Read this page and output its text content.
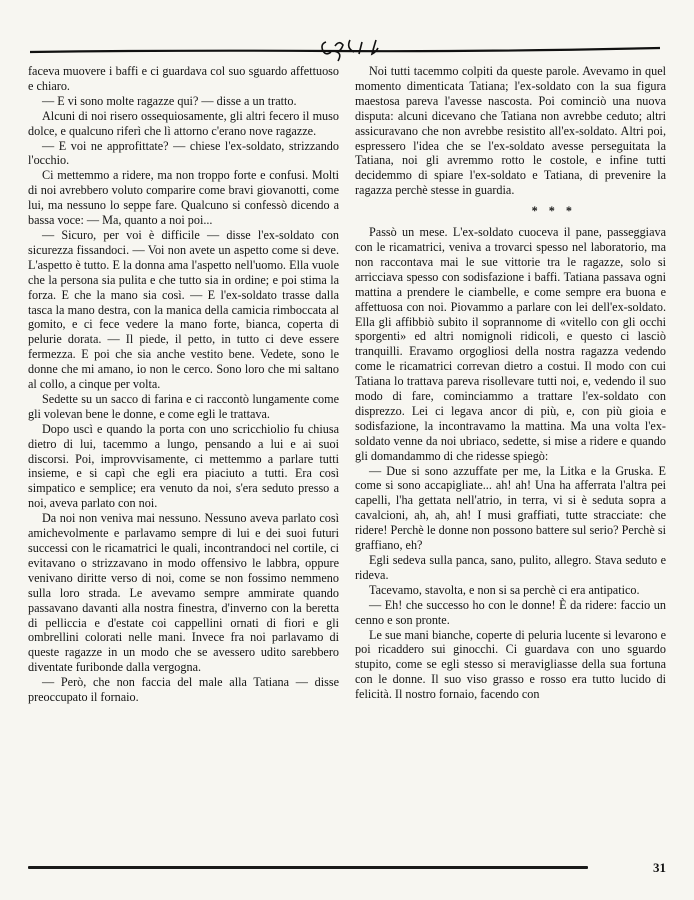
faceva muovere i baffi e ci guardava col suo sguardo affettuoso e chiaro.

— E vi sono molte ragazze qui? — disse a un tratto.

Alcuni di noi risero ossequiosamente, gli altri fecero il muso dolce, e qualcuno riferì che lì attorno c'erano nove ragazze.

— E voi ne approfittate? — chiese l'ex-soldato, strizzando l'occhio.

Ci mettemmo a ridere, ma non troppo forte e confusi. Molti di noi avrebbero voluto comparire come bravi giovanotti, come lui, ma nessuno lo seppe fare. Qualcuno si confessò dicendo a bassa voce: — Ma, quanto a noi poi...

— Sicuro, per voi è difficile — disse l'ex-soldato con sicurezza fissandoci. — Voi non avete un aspetto come si deve. L'aspetto è tutto. E la donna ama l'aspetto nell'uomo. Ella vuole che la persona sia pulita e che tutto sia in ordine; e poi stima la forza. E che la mano sia così. — E l'ex-soldato trasse dalla tasca la mano destra, con la manica della camicia rimboccata al gomito, e ci fece vedere la mano forte, bianca, coperta di pelurie dorata. — Il piede, il petto, in tutto ci deve essere fermezza. E poi che sia anche vestito bene. Vedete, sono le donne che mi amano, io non le cerco. Sono loro che mi saltano al collo, a cinque per volta.

Sedette su un sacco di farina e ci raccontò lungamente come gli volevan bene le donne, e come egli le trattava.

Dopo uscì e quando la porta con uno scricchiolio fu chiusa dietro di lui, tacemmo a lungo, pensando a lui e ai suoi discorsi. Poi, improvvisamente, ci mettemmo a parlare tutti insieme, e si capì che egli era piaciuto a tutti. Era così simpatico e semplice; era venuto da noi, s'era seduto presso a noi, aveva parlato con noi.

Da noi non veniva mai nessuno. Nessuno aveva parlato così amichevolmente e parlavamo sempre di lui e dei suoi futuri successi con le ricamatrici le quali, incontrandoci nel cortile, ci evitavano o strizzavano in modo offensivo le labbra, oppure venivano diritte verso di noi, come se non fossimo nemmeno sulla loro strada. Le avevamo sempre ammirate quando passavano davanti alla nostra finestra, d'inverno con la beretta di pelliccia e d'estate coi cappellini ornati di fiori e gli ombrellini colorati nelle mani. Invece fra noi parlavamo di queste ragazze in un modo che se avessero udito sarebbero diventate furibonde dalla vergogna.

— Però, che non faccia del male alla Tatiana — disse preoccupato il fornaio.

Noi tutti tacemmo colpiti da queste parole. Avevamo in quel momento dimenticata Tatiana; l'ex-soldato con la sua figura maestosa pareva l'avesse nascosta. Poi cominciò una nuova disputa: alcuni dicevano che Tatiana non avrebbe ceduto; altri assicuravano che non avrebbe resistito all'ex-soldato. Altri poi, espressero l'idea che se l'ex-soldato avesse perseguitata la Tatiana, noi gli avremmo rotto le costole, e infine tutti decidemmo di spiare l'ex-soldato e Tatiana, di prevenire la ragazza perchè stesse in guardia.

* * *

Passò un mese. L'ex-soldato cuoceva il pane, passeggiava con le ricamatrici, veniva a trovarci spesso nel laboratorio, ma non raccontava mai le sue vittorie tra le ragazze, solo si arricciava spesso con sodisfazione i baffi. Tatiana passava ogni mattina a prendere le ciambelle, e come sempre era buona e affettuosa con noi. Piovammo a parlare con lei dell'ex-soldato. Ella gli affibbiò subito il soprannome di «vitello con gli occhi sporgenti» ed altri nomignoli ridicoli, e questo ci lasciò tranquilli. Eravamo orgogliosi della nostra ragazza vedendo come le ricamatrici correvan dietro a costui. Il modo con cui Tatiana lo trattava pareva risollevare tutti noi, e, vedendo il suo modo di fare, cominciammo a trattare l'ex-soldato con disprezzo. Lei ci legava ancor di più, e, con più gioia e sodisfazione, la incontravamo la mattina. Ma una volta l'ex-soldato venne da noi ubriaco, sedette, si mise a ridere e quando gli domandammo di che ridesse spiegò:

— Due si sono azzuffate per me, la Litka e la Gruska. E come si sono accapigliate... ah! ah! Una ha afferrata l'altra pei capelli, l'ha gettata nell'atrio, in terra, vi si è seduta sopra a cavalcioni, ah, ah, ah! I musi graffiati, tutte stracciate: che ridere! Perchè le donne non possono battere sul serio? Perchè si graffiano, eh?

Egli sedeva sulla panca, sano, pulito, allegro. Stava seduto e rideva.

Tacevamo, stavolta, e non si sa perchè ci era antipatico.

— Eh! che successo ho con le donne! È da ridere: faccio un cenno e son pronte.

Le sue mani bianche, coperte di peluria lucente si levarono e poi ricaddero sui ginocchi. Ci guardava con uno sguardo stupito, come se egli stesso si meravigliasse della sua fortuna con le donne. Il suo viso grasso e rosso era tutto lucido di felicità. Il nostro fornaio, facendo con

31
